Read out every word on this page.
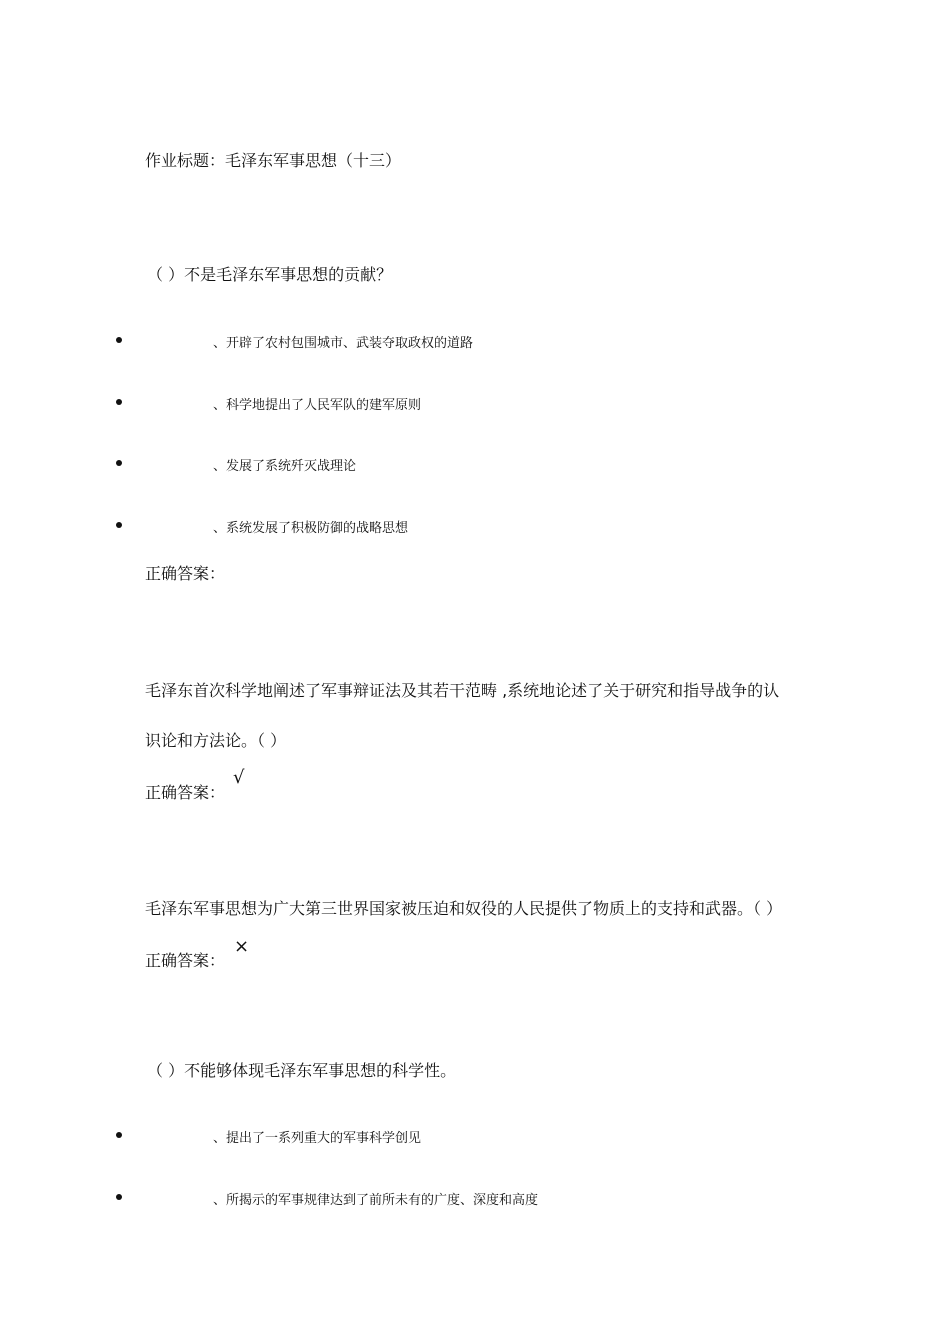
作业标题：毛泽东军事思想（十三）
（ ）不是毛泽东军事思想的贡献？
、开辟了农村包围城市、武装夺取政权的道路
、科学地提出了人民军队的建军原则
、发展了系统歼灭战理论
、系统发展了积极防御的战略思想
正确答案：
毛泽东首次科学地阐述了军事辩证法及其若干范畴 ,系统地论述了关于研究和指导战争的认
识论和方法论。（ ）
正确答案：
√
毛泽东军事思想为广大第三世界国家被压迫和奴役的人民提供了物质上的支持和武器。（ ）
正确答案：
×
（ ）不能够体现毛泽东军事思想的科学性。
、提出了一系列重大的军事科学创见
、所揭示的军事规律达到了前所未有的广度、深度和高度
